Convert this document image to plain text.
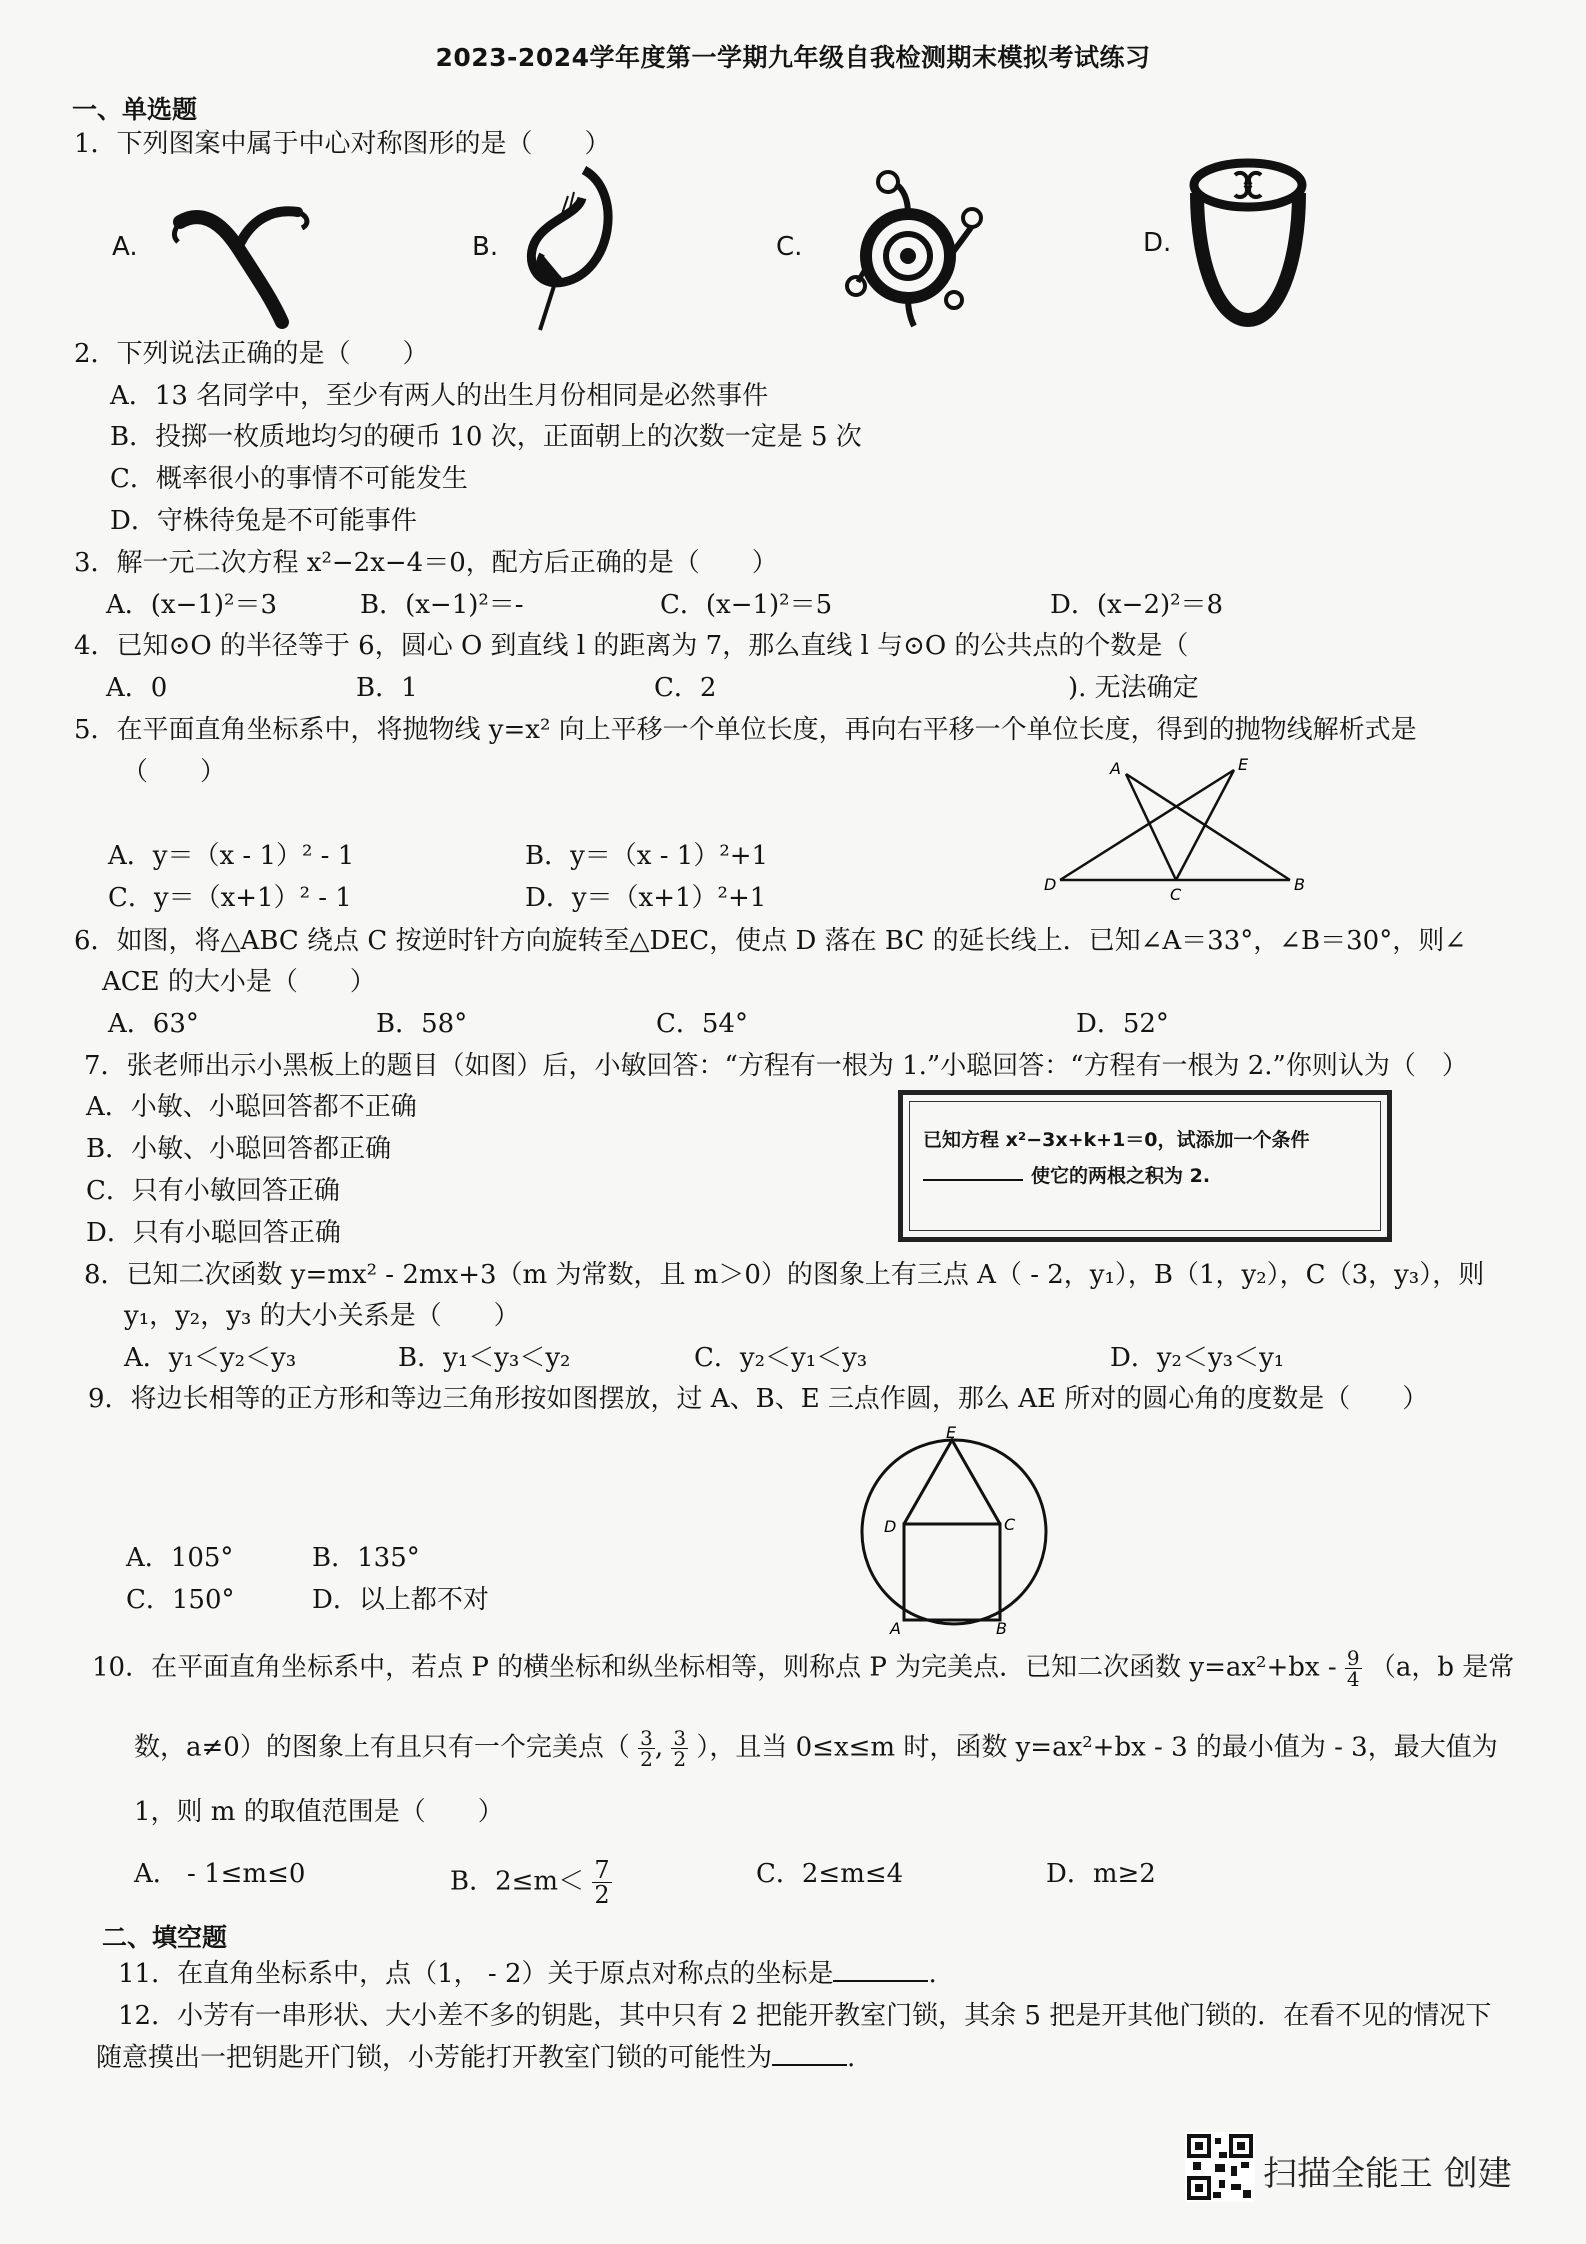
2023-2024学年度第一学期九年级自我检测期末模拟考试练习
一、单选题
1．下列图案中属于中心对称图形的是（　　）
A.	B.	C.	D.
2．下列说法正确的是（　　）
A．13 名同学中，至少有两人的出生月份相同是必然事件
B．投掷一枚质地均匀的硬币 10 次，正面朝上的次数一定是 5 次
C．概率很小的事情不可能发生
D．守株待兔是不可能事件
3．解一元二次方程 x²−2x−4＝0，配方后正确的是（　　）
A．(x−1)²＝3	B．(x−1)²＝-	C．(x−1)²＝5	D．(x−2)²＝8
4．已知⊙O 的半径等于 6，圆心 O 到直线 l 的距离为 7，那么直线 l 与⊙O 的公共点的个数是（
A．0	B．1	C．2	). 无法确定
5．在平面直角坐标系中，将抛物线 y=x² 向上平移一个单位长度，再向右平移一个单位长度，得到的抛物线解析式是
（　　）
A．y＝（x - 1）² - 1	B．y＝（x - 1）²+1
C．y＝（x+1）² - 1	D．y＝（x+1）²+1
A	E
D
C
B
6．如图，将△ABC 绕点 C 按逆时针方向旋转至△DEC，使点 D 落在 BC 的延长线上．已知∠A＝33°，∠B＝30°，则∠
ACE 的大小是（　　）
A．63°	B．58°	C．54°	D．52°
7．张老师出示小黑板上的题目（如图）后，小敏回答：“方程有一根为 1.”小聪回答：“方程有一根为 2.”你则认为（　）
A．小敏、小聪回答都不正确
B．小敏、小聪回答都正确
C．只有小敏回答正确
D．只有小聪回答正确
已知方程 x²−3x+k+1＝0，试添加一个条件
使它的两根之积为 2.
8．已知二次函数 y=mx² - 2mx+3（m 为常数，且 m＞0）的图象上有三点 A（ - 2，y₁），B（1，y₂），C（3，y₃），则
y₁，y₂，y₃ 的大小关系是（　　）
A．y₁＜y₂＜y₃	B．y₁＜y₃＜y₂	C．y₂＜y₁＜y₃	D．y₂＜y₃＜y₁
9．将边长相等的正方形和等边三角形按如图摆放，过 A、B、E 三点作圆，那么 AE 所对的圆心角的度数是（　　）
E
D	C
A	B
A．105°	B．135°
C．150°	D．以上都不对
10．在平面直角坐标系中，若点 P 的横坐标和纵坐标相等，则称点 P 为完美点．已知二次函数 $y=ax^2+bx - \frac{9}{4} (a$，b 是常
数，a≠0）的图象上有且只有一个完美点（ $\frac{3}{2}$ , $\frac{3}{2}$ ），且当 0≤x≤m 时，函数 y=ax²+bx - 3 的最小值为 - 3，最大值为
1，则 m 的取值范围是（　　）
A． - 1≤m≤0	B．$2\le m< \frac{7}{2}$	C．2≤m≤4	D．m≥2
二、填空题
11．在直角坐标系中，点（1， - 2）关于原点对称点的坐标是	.
12．小芳有一串形状、大小差不多的钥匙，其中只有 2 把能开教室门锁，其余 5 把是开其他门锁的．在看不见的情况下
随意摸出一把钥匙开门锁，小芳能打开教室门锁的可能性为	.
扫描全能王 创建
